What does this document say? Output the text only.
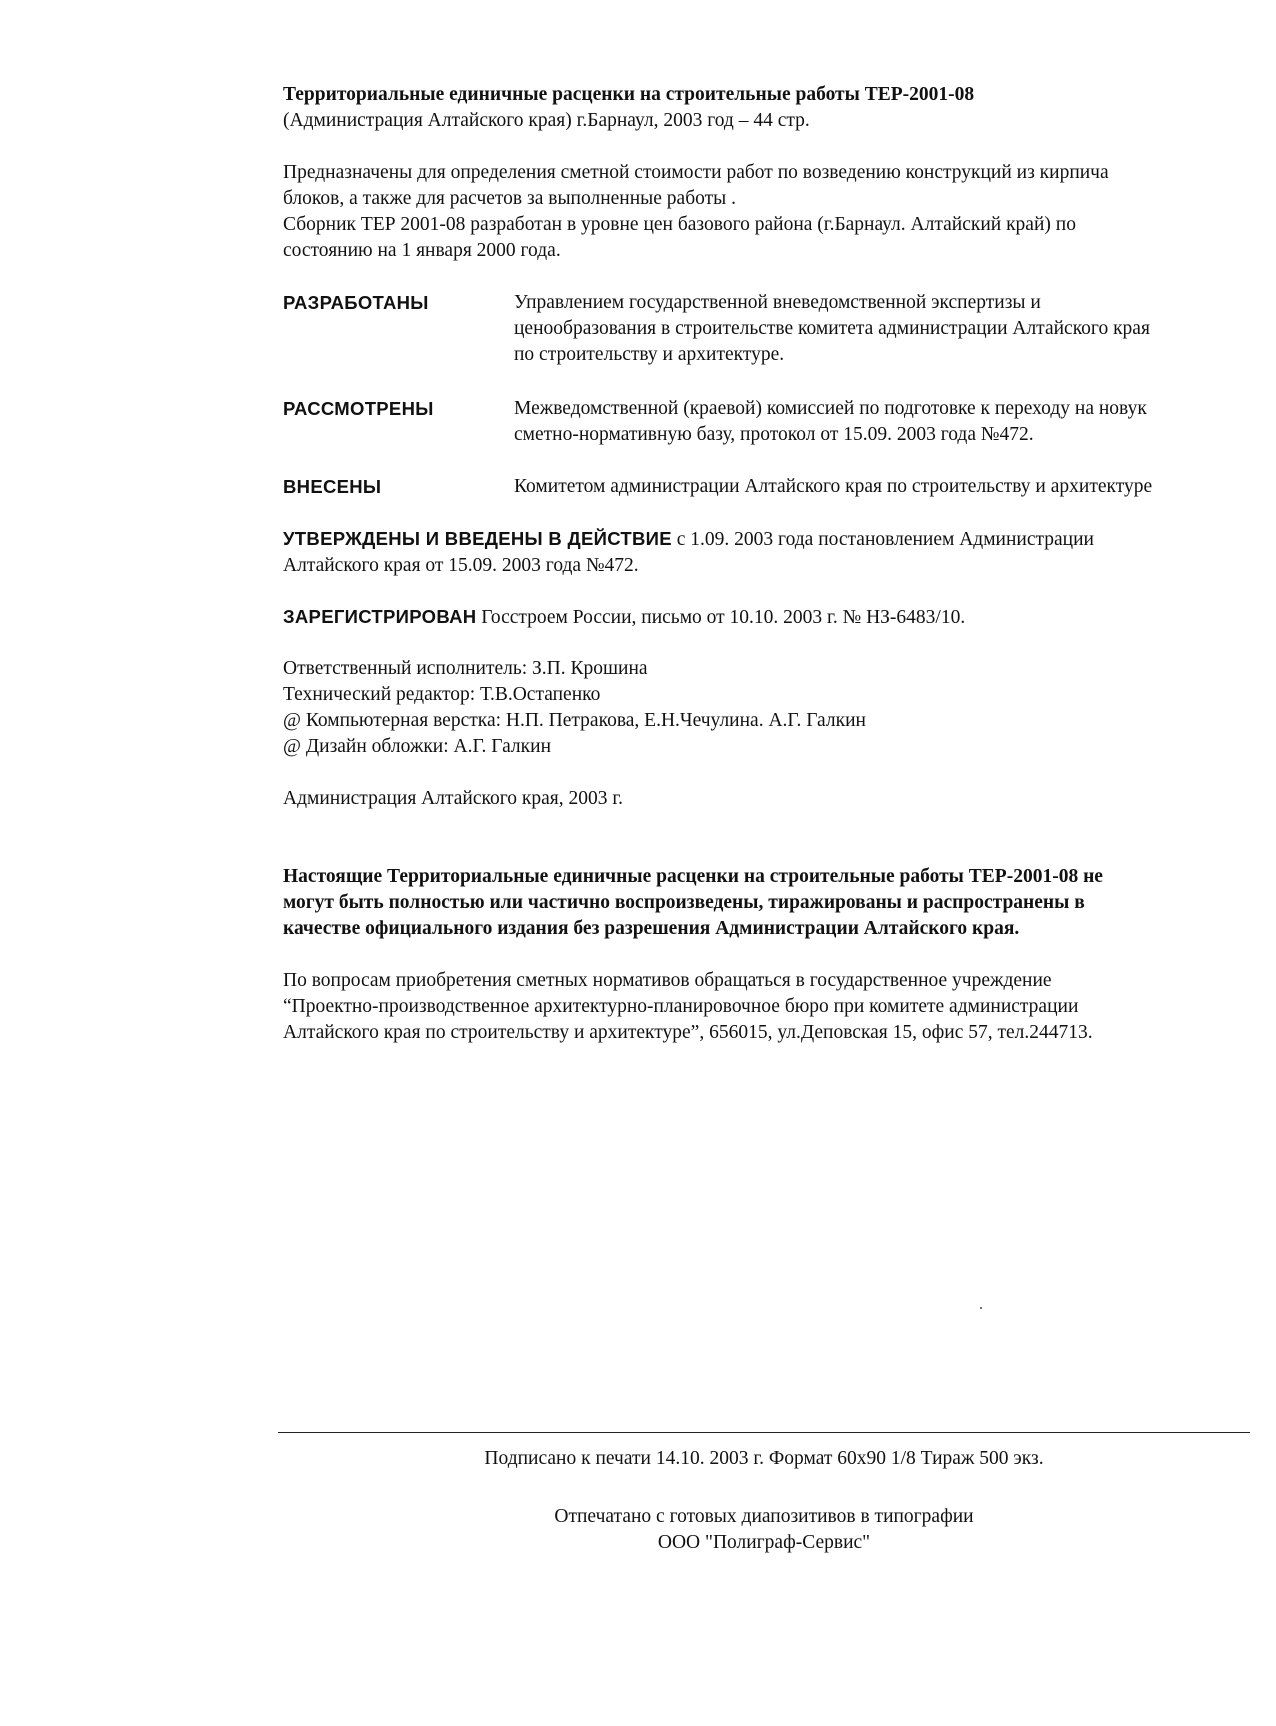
Территориальные единичные расценки на строительные работы ТЕР-2001-08
(Администрация Алтайского края) г.Барнаул, 2003 год – 44 стр.
Предназначены для определения сметной стоимости работ по возведению конструкций из кирпича
блоков, а также для расчетов за выполненные работы .
Сборник ТЕР 2001-08 разработан в уровне цен базового района (г.Барнаул. Алтайский край) по
состоянию на 1 января 2000 года.
РАЗРАБОТАНЫ	Управлением государственной вневедомственной экспертизы и
ценообразования в строительстве комитета администрации Алтайского края
по строительству и архитектуре.
РАССМОТРЕНЫ	Межведомственной (краевой) комиссией по подготовке к переходу на новук
сметно-нормативную базу, протокол от 15.09. 2003 года №472.
ВНЕСЕНЫ	Комитетом администрации Алтайского края по строительству и архитектуре
УТВЕРЖДЕНЫ И ВВЕДЕНЫ В ДЕЙСТВИЕ с 1.09. 2003 года постановлением Администрации
Алтайского края от 15.09. 2003 года №472.
ЗАРЕГИСТРИРОВАН Госстроем России, письмо от 10.10. 2003 г. № НЗ-6483/10.
Ответственный исполнитель: З.П. Крошина
Технический редактор: Т.В.Остапенко
@ Компьютерная верстка: Н.П. Петракова, Е.Н.Чечулина. А.Г. Галкин
@ Дизайн обложки: А.Г. Галкин
Администрация Алтайского края, 2003 г.
Настоящие Территориальные единичные расценки на строительные работы ТЕР-2001-08 не
могут быть полностью или частично воспроизведены, тиражированы и распространены в
качестве официального издания без разрешения Администрации Алтайского края.
По вопросам приобретения сметных нормативов обращаться в государственное учреждение
“Проектно-производственное архитектурно-планировочное бюро при комитете администрации
Алтайского края по строительству и архитектуре”, 656015, ул.Деповская 15, офис 57, тел.244713.
Подписано к печати 14.10. 2003 г. Формат 60х90 1/8 Тираж 500 экз.
Отпечатано с готовых диапозитивов в типографии
ООО "Полиграф-Сервис"
